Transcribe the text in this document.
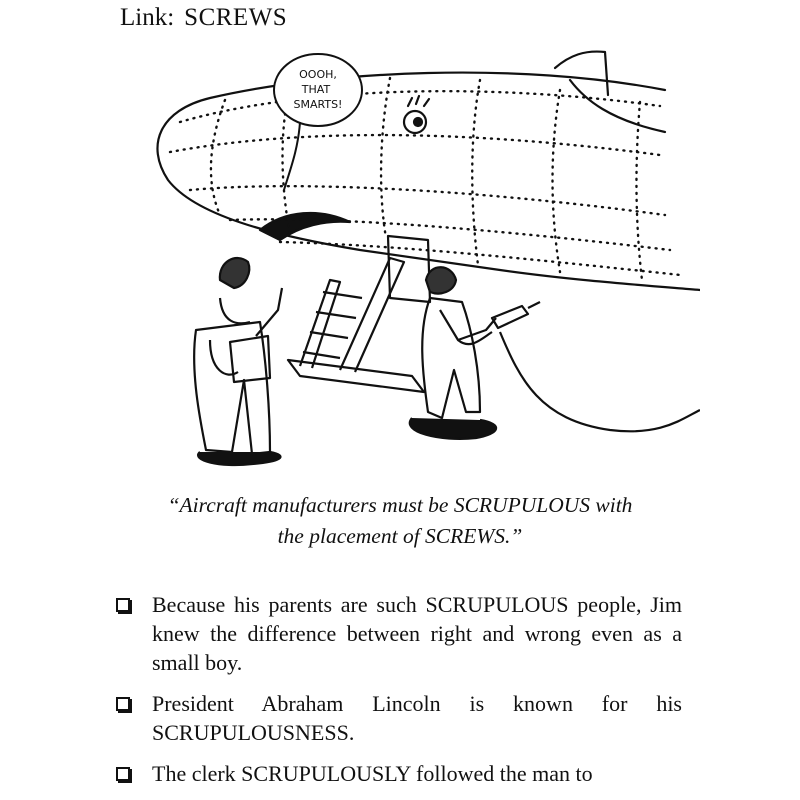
Link: SCREWS
OOOH,
THAT
SMARTS!
“Aircraft manufacturers must be SCRUPULOUS with
the placement of SCREWS.”
Because his parents are such SCRUPULOUS people, Jim knew the difference between right and wrong even as a small boy.
President Abraham Lincoln is known for his SCRUPULOUSNESS.
The clerk SCRUPULOUSLY followed the man to
